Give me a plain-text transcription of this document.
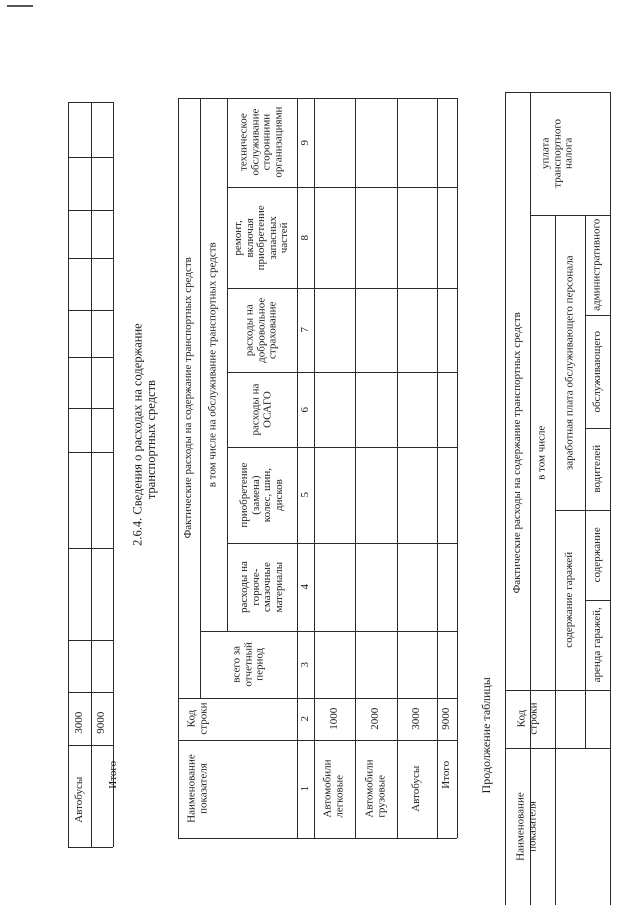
3000 9000
Автобусы
Итого
2.6.4. Сведения о расходах на содержание транспортных средств
Наименование показателя
Код строки
Фактические расходы на содержание транспортных средств в том числе на обслуживание транспортных средств
всего за отчетный период
расходы на горюче-смазочные материалы
приобретение (замена) колес, шин, дисков
расходы на ОСАГО
расходы на добровольное страхование
ремонт, включая приобретение запасных частей
техническое обслуживание сторонними организациями
1
2
3
4
5
6
7
8
9
Автомобили легковые
1000
Автомобили грузовые
2000
Автобусы
3000 9000
Итого Продолжение таблицы
Наименование показателя
Код строки
Фактические расходы на содержание транспортных средств в том числе
содержание гаражей
заработная плата обслуживающего персонала
аренда гаражей,
содержание
водителей
обслуживающего
административного
уплата транспортного налога
